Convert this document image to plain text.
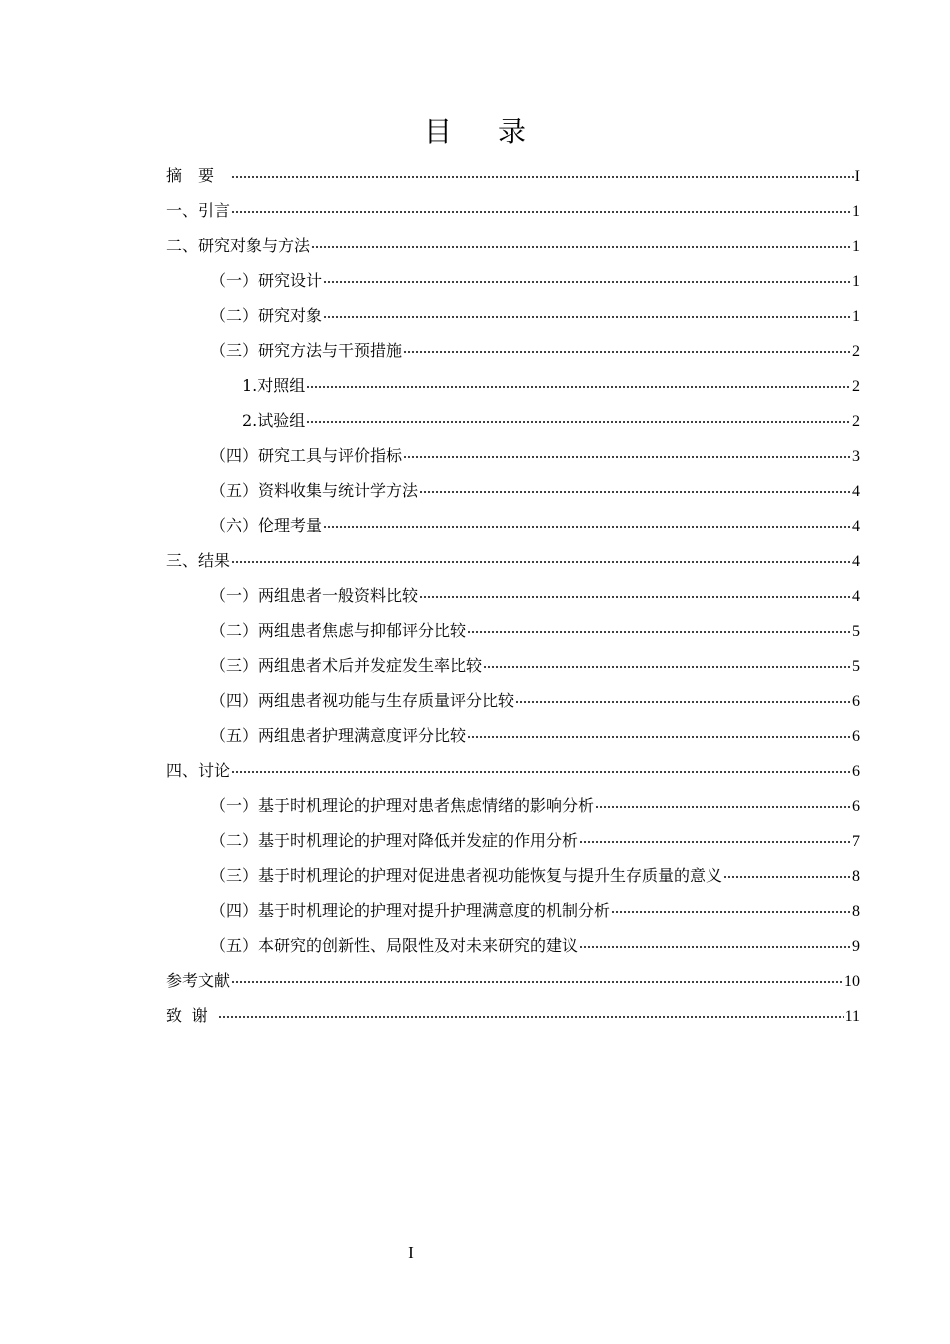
目录
摘要	I
一、引言	1
二、研究对象与方法	1
（一）研究设计	1
（二）研究对象	1
（三）研究方法与干预措施	2
1.对照组	2
2.试验组	2
（四）研究工具与评价指标	3
（五）资料收集与统计学方法	4
（六）伦理考量	4
三、结果	4
（一）两组患者一般资料比较	4
（二）两组患者焦虑与抑郁评分比较	5
（三）两组患者术后并发症发生率比较	5
（四）两组患者视功能与生存质量评分比较	6
（五）两组患者护理满意度评分比较	6
四、讨论	6
（一）基于时机理论的护理对患者焦虑情绪的影响分析	6
（二）基于时机理论的护理对降低并发症的作用分析	7
（三）基于时机理论的护理对促进患者视功能恢复与提升生存质量的意义	8
（四）基于时机理论的护理对提升护理满意度的机制分析	8
（五）本研究的创新性、局限性及对未来研究的建议	9
参考文献	10
致谢	11
I
